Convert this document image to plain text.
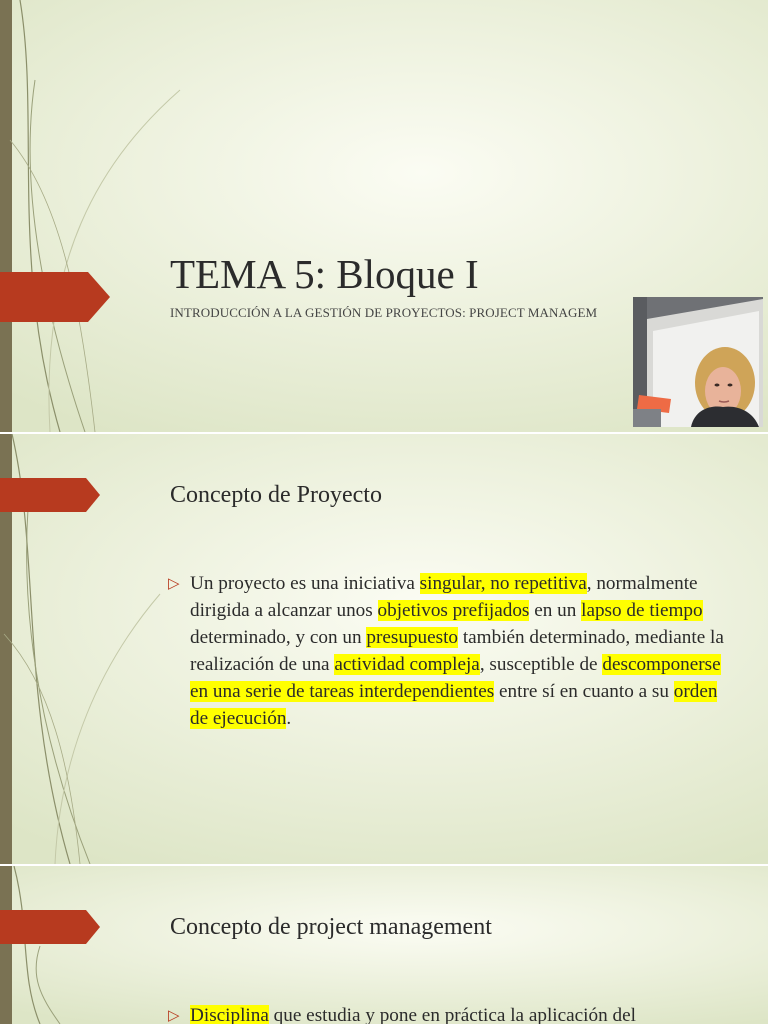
TEMA 5: Bloque I
INTRODUCCIÓN A LA GESTIÓN DE PROYECTOS: PROJECT MANAGEM
Concepto de Proyecto
▷ Un proyecto es una iniciativa singular, no repetitiva, normalmente dirigida a alcanzar unos objetivos prefijados en un lapso de tiempo determinado, y con un presupuesto también determinado, mediante la realización de una actividad compleja, susceptible de descomponerse en una serie de tareas interdependientes entre sí en cuanto a su orden de ejecución.
Concepto de project management
▷ Disciplina que estudia y pone en práctica la aplicación del
